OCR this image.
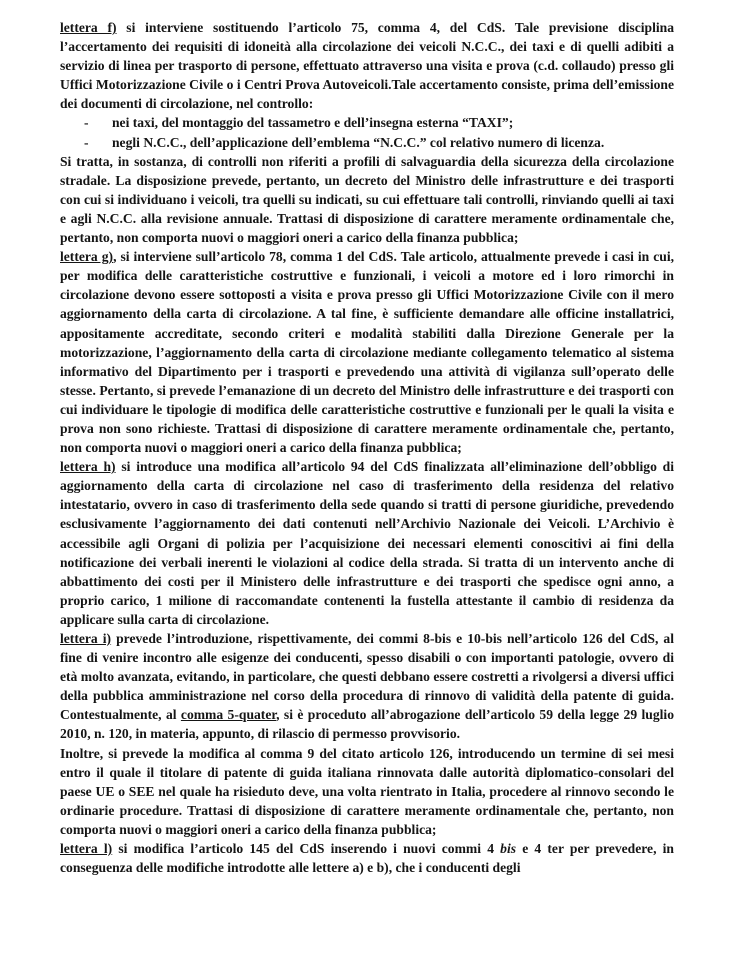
lettera f) si interviene sostituendo l’articolo 75, comma 4, del CdS. Tale previsione disciplina l’accertamento dei requisiti di idoneità alla circolazione dei veicoli N.C.C., dei taxi e di quelli adibiti a servizio di linea per trasporto di persone, effettuato attraverso una visita e prova (c.d. collaudo) presso gli Uffici Motorizzazione Civile o i Centri Prova Autoveicoli.Tale accertamento consiste, prima dell’emissione dei documenti di circolazione, nel controllo:

- nei taxi, del montaggio del tassametro e dell’insegna esterna “TAXI”;
- negli N.C.C., dell’applicazione dell’emblema “N.C.C.” col relativo numero di licenza.

Si tratta, in sostanza, di controlli non riferiti a profili di salvaguardia della sicurezza della circolazione stradale. La disposizione prevede, pertanto, un decreto del Ministro delle infrastrutture e dei trasporti con cui si individuano i veicoli, tra quelli su indicati, su cui effettuare tali controlli, rinviando quelli ai taxi e agli N.C.C. alla revisione annuale. Trattasi di disposizione di carattere meramente ordinamentale che, pertanto, non comporta nuovi o maggiori oneri a carico della finanza pubblica;

lettera g), si interviene sull’articolo 78, comma 1 del CdS. Tale articolo, attualmente prevede i casi in cui, per modifica delle caratteristiche costruttive e funzionali, i veicoli a motore ed i loro rimorchi in circolazione devono essere sottoposti a visita e prova presso gli Uffici Motorizzazione Civile con il mero aggiornamento della carta di circolazione. A tal fine, è sufficiente demandare alle officine installatrici, appositamente accreditate, secondo criteri e modalità stabiliti dalla Direzione Generale per la motorizzazione, l’aggiornamento della carta di circolazione mediante collegamento telematico al sistema informativo del Dipartimento per i trasporti e prevedendo una attività di vigilanza sull’operato delle stesse. Pertanto, si prevede l’emanazione di un decreto del Ministro delle infrastrutture e dei trasporti con cui individuare le tipologie di modifica delle caratteristiche costruttive e funzionali per le quali la visita e prova non sono richieste. Trattasi di disposizione di carattere meramente ordinamentale che, pertanto, non comporta nuovi o maggiori oneri a carico della finanza pubblica;

lettera h) si introduce una modifica all’articolo 94 del CdS finalizzata all’eliminazione dell’obbligo di aggiornamento della carta di circolazione nel caso di trasferimento della residenza del relativo intestatario, ovvero in caso di trasferimento della sede quando si tratti di persone giuridiche, prevedendo esclusivamente l’aggiornamento dei dati contenuti nell’Archivio Nazionale dei Veicoli. L’Archivio è accessibile agli Organi di polizia per l’acquisizione dei necessari elementi conoscitivi ai fini della notificazione dei verbali inerenti le violazioni al codice della strada. Si tratta di un intervento anche di abbattimento dei costi per il Ministero delle infrastrutture e dei trasporti che spedisce ogni anno, a proprio carico, 1 milione di raccomandate contenenti la fustella attestante il cambio di residenza da applicare sulla carta di circolazione.

lettera i) prevede l’introduzione, rispettivamente, dei commi 8-bis e 10-bis nell’articolo 126 del CdS, al fine di venire incontro alle esigenze dei conducenti, spesso disabili o con importanti patologie, ovvero di età molto avanzata, evitando, in particolare, che questi debbano essere costretti a rivolgersi a diversi uffici della pubblica amministrazione nel corso della procedura di rinnovo di validità della patente di guida. Contestualmente, al comma 5-quater, si è proceduto all’abrogazione dell’articolo 59 della legge 29 luglio 2010, n. 120, in materia, appunto, di rilascio di permesso provvisorio.

Inoltre, si prevede la modifica al comma 9 del citato articolo 126, introducendo un termine di sei mesi entro il quale il titolare di patente di guida italiana rinnovata dalle autorità diplomatico-consolari del paese UE o SEE nel quale ha risieduto deve, una volta rientrato in Italia, procedere al rinnovo secondo le ordinarie procedure. Trattasi di disposizione di carattere meramente ordinamentale che, pertanto, non comporta nuovi o maggiori oneri a carico della finanza pubblica;

lettera l) si modifica l’articolo 145 del CdS inserendo i nuovi commi 4 bis e 4 ter per prevedere, in conseguenza delle modifiche introdotte alle lettere a) e b), che i conducenti degli
